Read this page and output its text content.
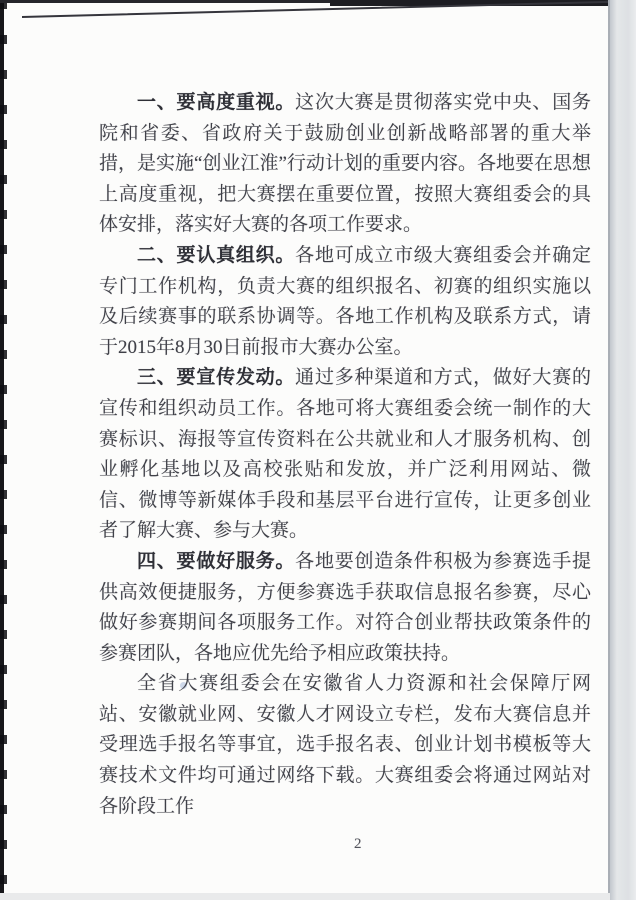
一、要高度重视。这次大赛是贯彻落实党中央、国务院和省委、省政府关于鼓励创业创新战略部署的重大举措，是实施“创业江淮”行动计划的重要内容。各地要在思想上高度重视，把大赛摆在重要位置，按照大赛组委会的具体安排，落实好大赛的各项工作要求。

二、要认真组织。各地可成立市级大赛组委会并确定专门工作机构，负责大赛的组织报名、初赛的组织实施以及后续赛事的联系协调等。各地工作机构及联系方式，请于2015年8月30日前报市大赛办公室。

三、要宣传发动。通过多种渠道和方式，做好大赛的宣传和组织动员工作。各地可将大赛组委会统一制作的大赛标识、海报等宣传资料在公共就业和人才服务机构、创业孵化基地以及高校张贴和发放，并广泛利用网站、微信、微博等新媒体手段和基层平台进行宣传，让更多创业者了解大赛、参与大赛。

四、要做好服务。各地要创造条件积极为参赛选手提供高效便捷服务，方便参赛选手获取信息报名参赛，尽心做好参赛期间各项服务工作。对符合创业帮扶政策条件的参赛团队，各地应优先给予相应政策扶持。

全省大赛组委会在安徽省人力资源和社会保障厅网站、安徽就业网、安徽人才网设立专栏，发布大赛信息并受理选手报名等事宜，选手报名表、创业计划书模板等大赛技术文件均可通过网络下载。大赛组委会将通过网站对各阶段工作

2
